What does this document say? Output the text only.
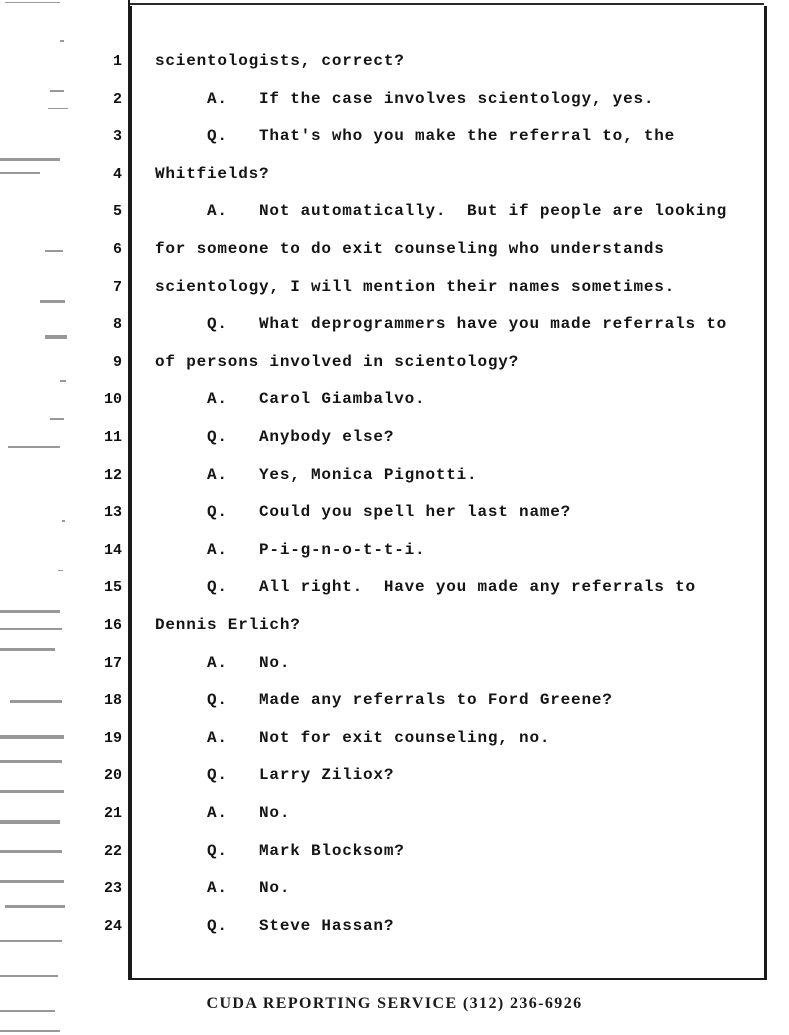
1 scientologists, correct?
2 A.   If the case involves scientology, yes.
3 Q.   That's who you make the referral to, the
4 Whitfields?
5 A.   Not automatically.  But if people are looking
6 for someone to do exit counseling who understands
7 scientology, I will mention their names sometimes.
8 Q.   What deprogrammers have you made referrals to
9 of persons involved in scientology?
10 A.   Carol Giambalvo.
11 Q.   Anybody else?
12 A.   Yes, Monica Pignotti.
13 Q.   Could you spell her last name?
14 A.   P-i-g-n-o-t-t-i.
15 Q.   All right.  Have you made any referrals to
16 Dennis Erlich?
17 A.   No.
18 Q.   Made any referrals to Ford Greene?
19 A.   Not for exit counseling, no.
20 Q.   Larry Ziliox?
21 A.   No.
22 Q.   Mark Blocksom?
23 A.   No.
24 Q.   Steve Hassan?
CUDA REPORTING SERVICE (312) 236-6926
